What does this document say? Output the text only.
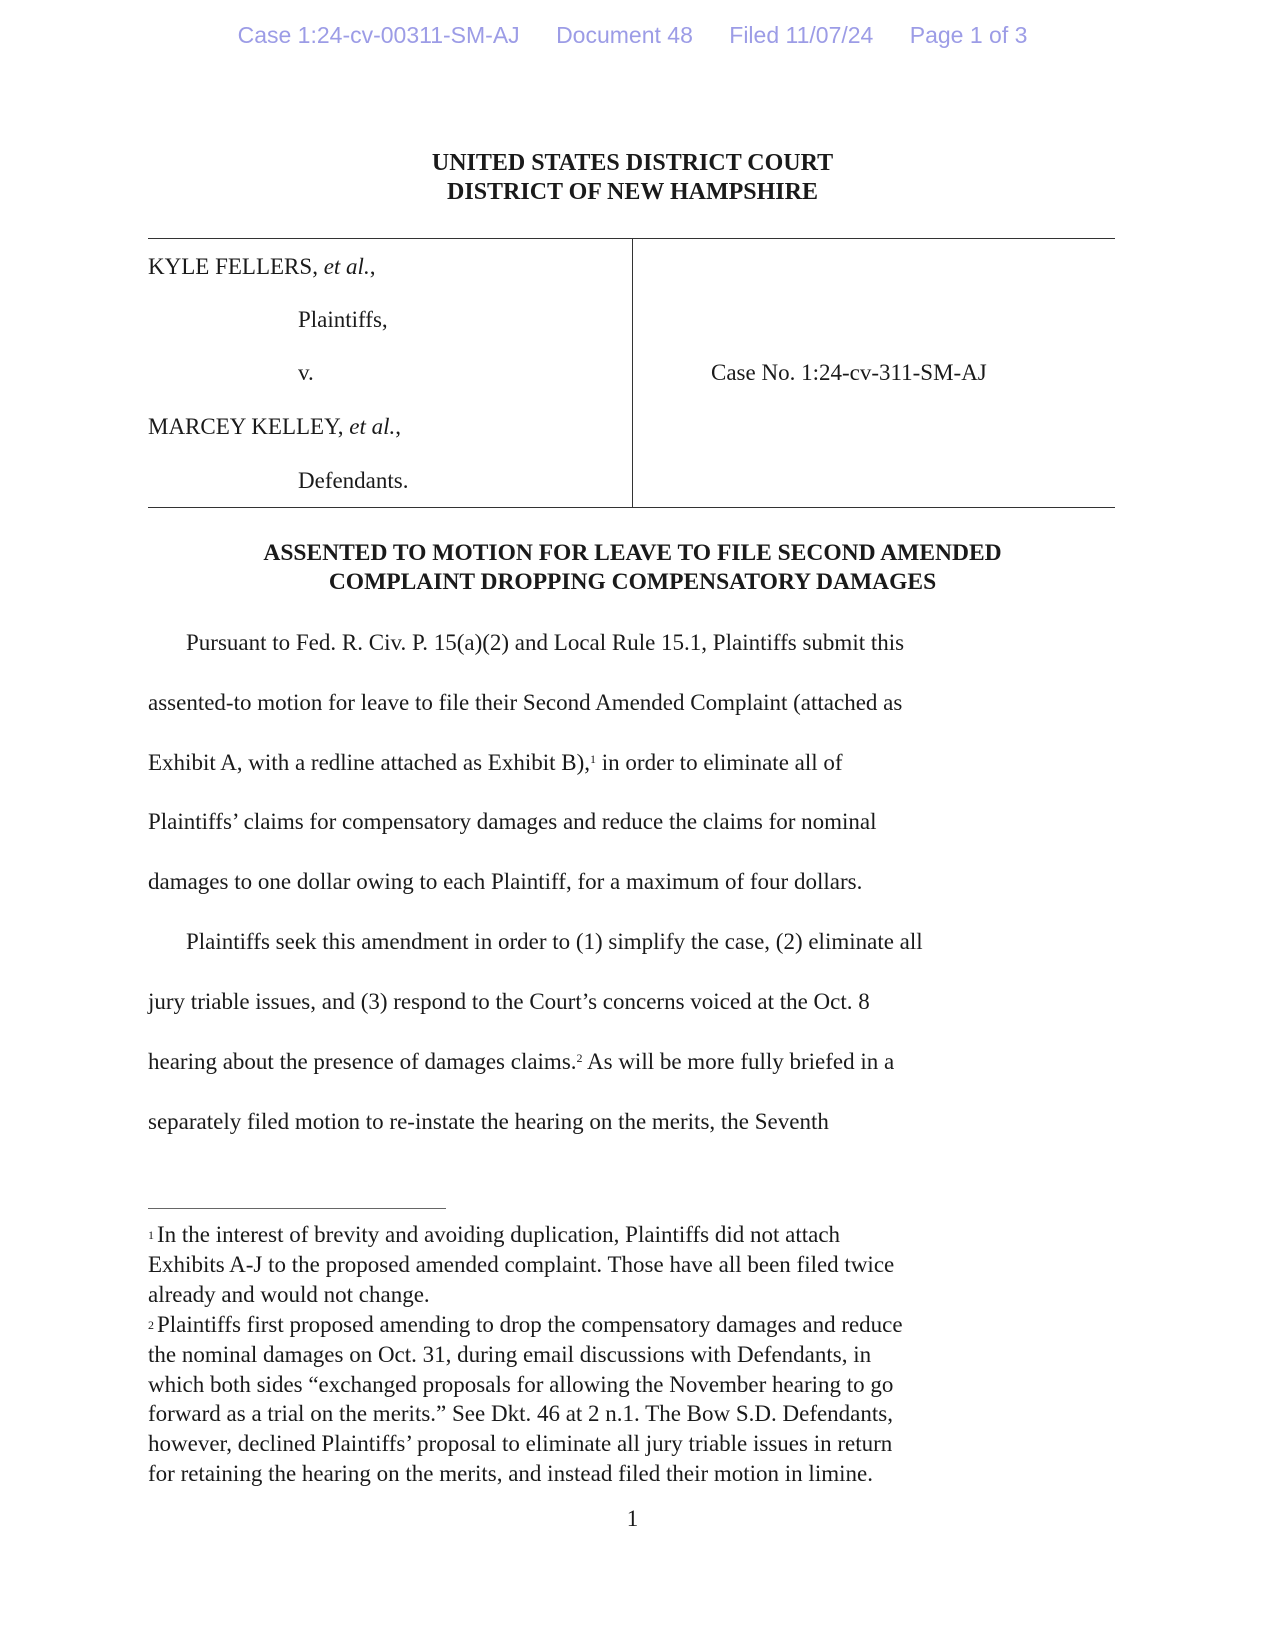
Case 1:24-cv-00311-SM-AJ Document 48 Filed 11/07/24 Page 1 of 3
UNITED STATES DISTRICT COURT
DISTRICT OF NEW HAMPSHIRE
KYLE FELLERS, et al.,
Plaintiffs,
v.
MARCEY KELLEY, et al.,
Defendants.
Case No. 1:24-cv-311-SM-AJ
ASSENTED TO MOTION FOR LEAVE TO FILE SECOND AMENDED
COMPLAINT DROPPING COMPENSATORY DAMAGES
Pursuant to Fed. R. Civ. P. 15(a)(2) and Local Rule 15.1, Plaintiffs submit this
assented-to motion for leave to file their Second Amended Complaint (attached as
Exhibit A, with a redline attached as Exhibit B),$^1$ in order to eliminate all of
Plaintiffs’ claims for compensatory damages and reduce the claims for nominal
damages to one dollar owing to each Plaintiff, for a maximum of four dollars.
Plaintiffs seek this amendment in order to (1) simplify the case, (2) eliminate all
jury triable issues, and (3) respond to the Court’s concerns voiced at the Oct. 8
hearing about the presence of damages claims.$^2$ As will be more fully briefed in a
separately filed motion to re-instate the hearing on the merits, the Seventh
$^1$ In the interest of brevity and avoiding duplication, Plaintiffs did not attach
Exhibits A-J to the proposed amended complaint. Those have all been filed twice
already and would not change.
$^2$ Plaintiffs first proposed amending to drop the compensatory damages and reduce
the nominal damages on Oct. 31, during email discussions with Defendants, in
which both sides “exchanged proposals for allowing the November hearing to go
forward as a trial on the merits.” See Dkt. 46 at 2 n.1. The Bow S.D. Defendants,
however, declined Plaintiffs’ proposal to eliminate all jury triable issues in return
for retaining the hearing on the merits, and instead filed their motion in limine.
1
